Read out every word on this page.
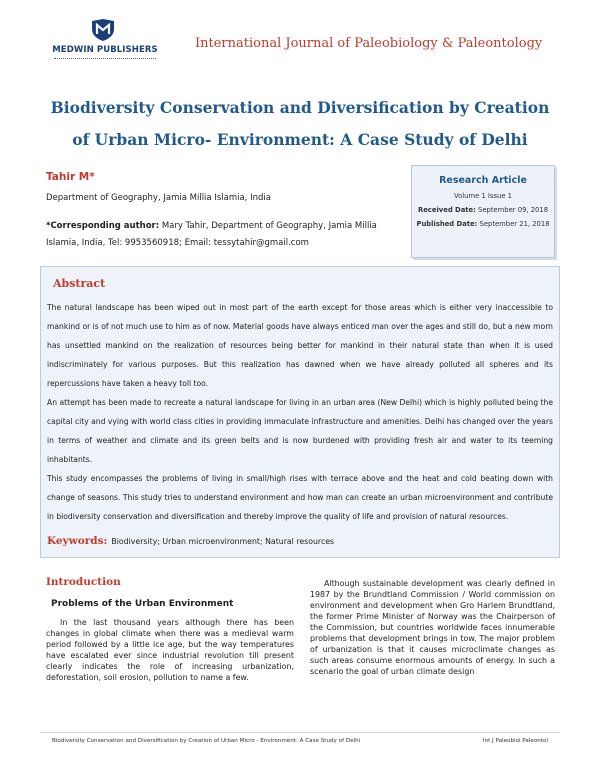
MEDWIN PUBLISHERS	International Journal of Paleobiology & Paleontology
Biodiversity Conservation and Diversification by Creation of Urban Micro- Environment: A Case Study of Delhi
Tahir M*
Department of Geography, Jamia Millia Islamia, India
*Corresponding author: Mary Tahir, Department of Geography, Jamia Millia Islamia, India, Tel: 9953560918; Email: tessytahir@gmail.com
Research Article
Volume 1 Issue 1
Received Date: September 09, 2018
Published Date: September 21, 2018
Abstract

The natural landscape has been wiped out in most part of the earth except for those areas which is either very inaccessible to mankind or is of not much use to him as of now. Material goods have always enticed man over the ages and still do, but a new morn has unsettled mankind on the realization of resources being better for mankind in their natural state than when it is used indiscriminately for various purposes. But this realization has dawned when we have already polluted all spheres and its repercussions have taken a heavy toll too.

An attempt has been made to recreate a natural landscape for living in an urban area (New Delhi) which is highly polluted being the capital city and vying with world class cities in providing immaculate infrastructure and amenities. Delhi has changed over the years in terms of weather and climate and its green belts and is now burdened with providing fresh air and water to its teeming inhabitants.

This study encompasses the problems of living in small/high rises with terrace above and the heat and cold beating down with change of seasons. This study tries to understand environment and how man can create an urban microenvironment and contribute in biodiversity conservation and diversification and thereby improve the quality of life and provision of natural resources.

Keywords: Biodiversity; Urban microenvironment; Natural resources
Introduction
Problems of the Urban Environment
In the last thousand years although there has been changes in global climate when there was a medieval warm period followed by a little ice age, but the way temperatures have escalated ever since industrial revolution till present clearly indicates the role of increasing urbanization, deforestation, soil erosion, pollution to name a few.
Although sustainable development was clearly defined in 1987 by the Brundtland Commission / World commission on environment and development when Gro Harlem Brundtland, the former Prime Minister of Norway was the Chairperson of the Commission, but countries worldwide faces innumerable problems that development brings in tow. The major problem of urbanization is that it causes microclimate changes as such areas consume enormous amounts of energy. In such a scenario the goal of urban climate design
Biodiversity Conservation and Diversification by Creation of Urban Micro - Environment: A Case Study of Delhi	Int J Paleobiol Paleontol
